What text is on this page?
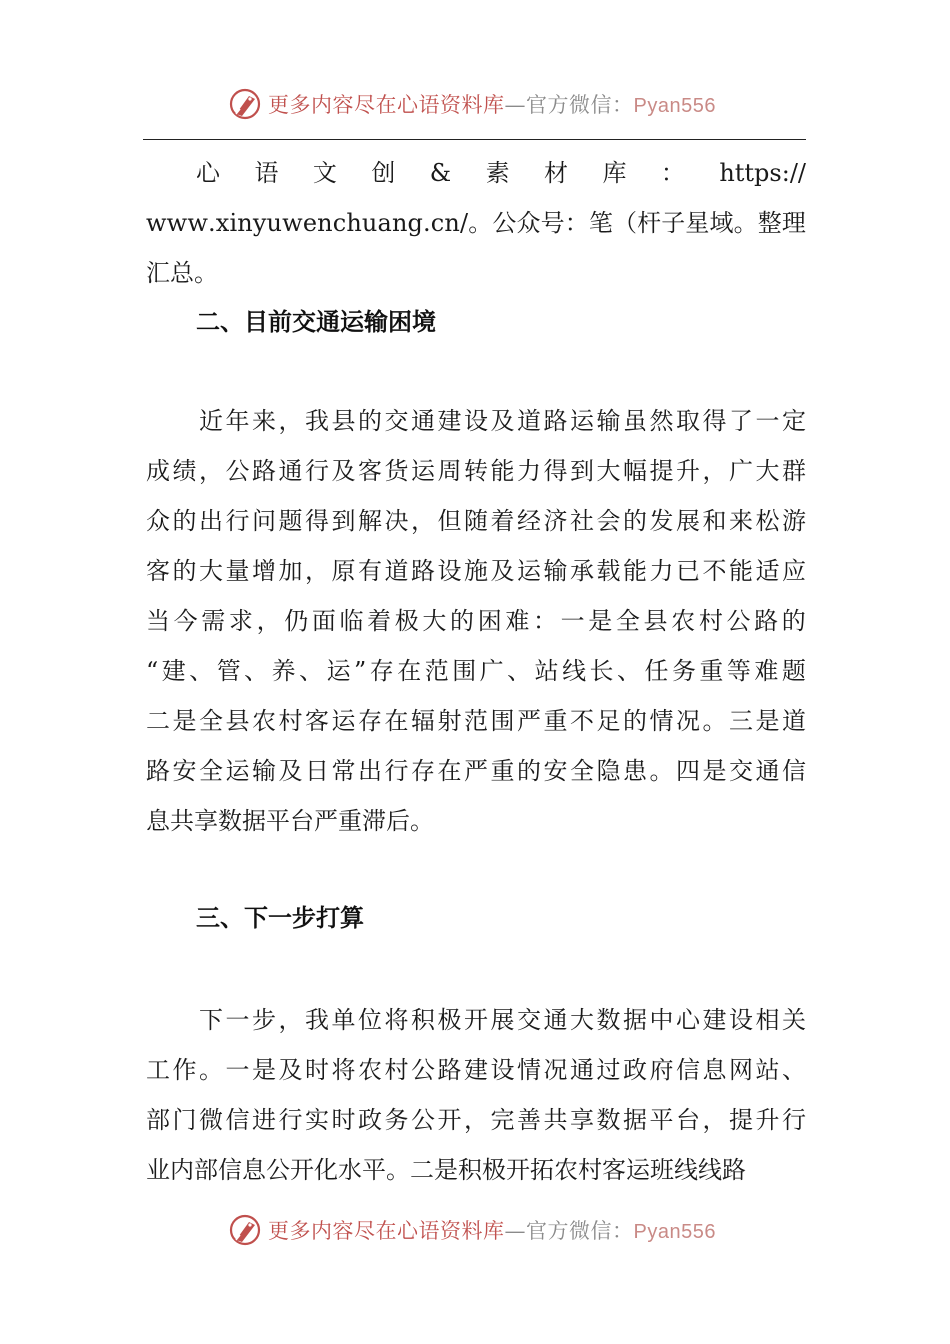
更多内容尽在心语资料库—官方微信：Pyan556
心 语 文 创 & 素 材 库 ： https://
w w w . x i n y u w e n c h u a n g . c n / 。 公 众 号 ： 笔 （ 杆 子 星 域 。 整 理
汇总。
二、目前交通运输困境

近 年 来 ， 我 县 的 交 通 建 设 及 道 路 运 输 虽 然 取 得 了 一 定
成 绩 ， 公 路 通 行 及 客 货 运 周 转 能 力 得 到 大 幅 提 升 ， 广 大 群
众 的 出 行 问 题 得 到 解 决 ， 但 随 着 经 济 社 会 的 发 展 和 来 松 游
客 的 大 量 增 加 ， 原 有 道 路 设 施 及 运 输 承 载 能 力 已 不 能 适 应
当 今 需 求 ， 仍 面 临 着 极 大 的 困 难 ： 一 是 全 县 农 村 公 路 的
“ 建 、 管 、 养 、 运 ” 存 在 范 围 广 、 站 线 长 、 任 务 重 等 难 题
二 是 全 县 农 村 客 运 存 在 辐 射 范 围 严 重 不 足 的 情 况 。 三 是 道
路 安 全 运 输 及 日 常 出 行 存 在 严 重 的 安 全 隐 患 。 四 是 交 通 信
息共享数据平台严重滞后。
三、下一步打算

下 一 步 ， 我 单 位 将 积 极 开 展 交 通 大 数 据 中 心 建 设 相 关
工 作 。 一 是 及 时 将 农 村 公 路 建 设 情 况 通 过 政 府 信 息 网 站 、
部 门 微 信 进 行 实 时 政 务 公 开 ， 完 善 共 享 数 据 平 台 ， 提 升 行
业内部信息公开化水平。二是积极开拓农村客运班线线路
更多内容尽在心语资料库—官方微信：Pyan556
